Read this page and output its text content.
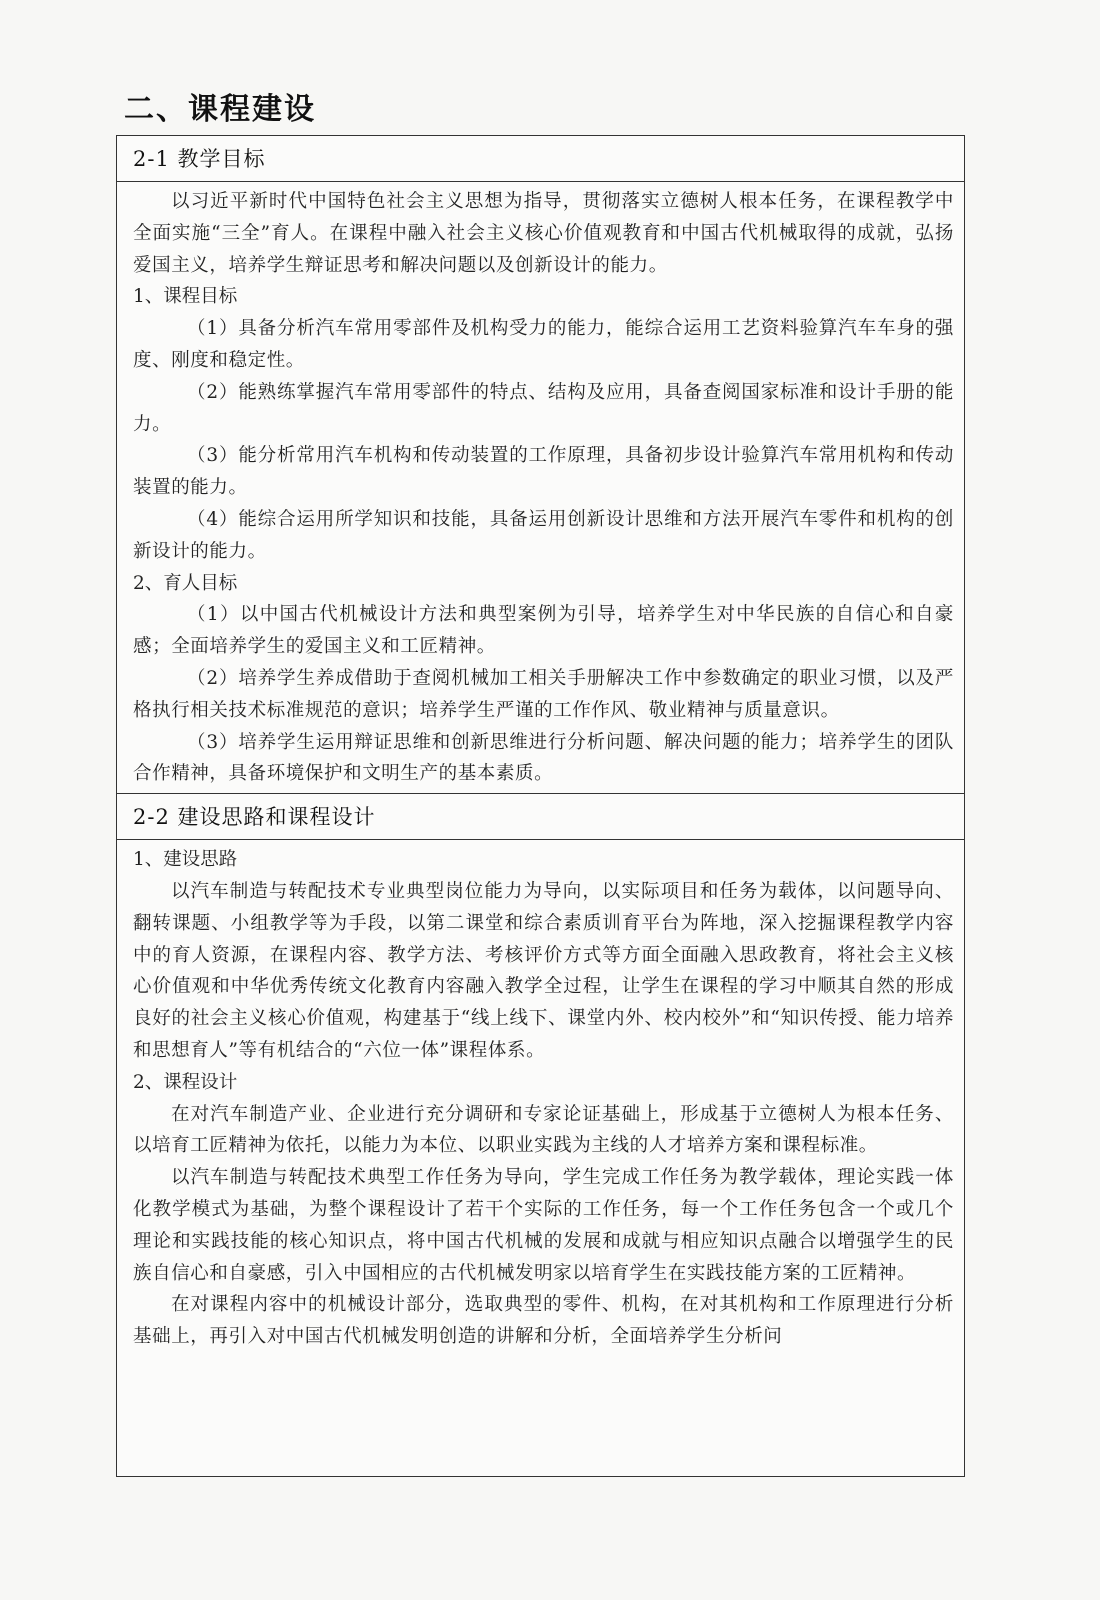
二、课程建设
2-1 教学目标

以习近平新时代中国特色社会主义思想为指导，贯彻落实立德树人根本任务，在课程教学中全面实施“三全”育人。在课程中融入社会主义核心价值观教育和中国古代机械取得的成就，弘扬爱国主义，培养学生辩证思考和解决问题以及创新设计的能力。

1、课程目标

（1）具备分析汽车常用零部件及机构受力的能力，能综合运用工艺资料验算汽车车身的强度、刚度和稳定性。

（2）能熟练掌握汽车常用零部件的特点、结构及应用，具备查阅国家标准和设计手册的能力。

（3）能分析常用汽车机构和传动装置的工作原理，具备初步设计验算汽车常用机构和传动装置的能力。

（4）能综合运用所学知识和技能，具备运用创新设计思维和方法开展汽车零件和机构的创新设计的能力。

2、育人目标

（1）以中国古代机械设计方法和典型案例为引导，培养学生对中华民族的自信心和自豪感；全面培养学生的爱国主义和工匠精神。

（2）培养学生养成借助于查阅机械加工相关手册解决工作中参数确定的职业习惯，以及严格执行相关技术标准规范的意识；培养学生严谨的工作作风、敬业精神与质量意识。

（3）培养学生运用辩证思维和创新思维进行分析问题、解决问题的能力；培养学生的团队合作精神，具备环境保护和文明生产的基本素质。

2-2 建设思路和课程设计

1、建设思路

以汽车制造与转配技术专业典型岗位能力为导向，以实际项目和任务为载体，以问题导向、翻转课题、小组教学等为手段，以第二课堂和综合素质训育平台为阵地，深入挖掘课程教学内容中的育人资源，在课程内容、教学方法、考核评价方式等方面全面融入思政教育，将社会主义核心价值观和中华优秀传统文化教育内容融入教学全过程，让学生在课程的学习中顺其自然的形成良好的社会主义核心价值观，构建基于“线上线下、课堂内外、校内校外”和“知识传授、能力培养和思想育人”等有机结合的“六位一体”课程体系。

2、课程设计

在对汽车制造产业、企业进行充分调研和专家论证基础上，形成基于立德树人为根本任务、以培育工匠精神为依托，以能力为本位、以职业实践为主线的人才培养方案和课程标准。

以汽车制造与转配技术典型工作任务为导向，学生完成工作任务为教学载体，理论实践一体化教学模式为基础，为整个课程设计了若干个实际的工作任务，每一个工作任务包含一个或几个理论和实践技能的核心知识点，将中国古代机械的发展和成就与相应知识点融合以增强学生的民族自信心和自豪感，引入中国相应的古代机械发明家以培育学生在实践技能方案的工匠精神。

在对课程内容中的机械设计部分，选取典型的零件、机构，在对其机构和工作原理进行分析基础上，再引入对中国古代机械发明创造的讲解和分析，全面培养学生分析问
